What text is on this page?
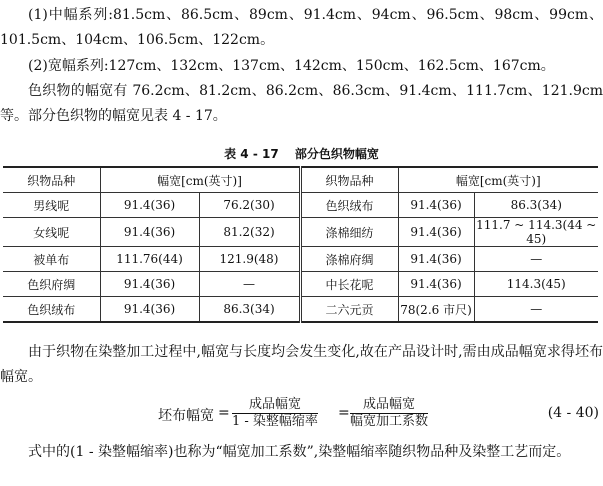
(1)中幅系列:81.5cm、86.5cm、89cm、91.4cm、94cm、96.5cm、98cm、99cm、101.5cm、104cm、106.5cm、122cm。
(2)宽幅系列:127cm、132cm、137cm、142cm、150cm、162.5cm、167cm。
色织物的幅宽有 76.2cm、81.2cm、86.2cm、86.3cm、91.4cm、111.7cm、121.9cm 等。部分色织物的幅宽见表 4 - 17。
表 4 - 17 部分色织物幅宽
织物品种	幅宽[cm(英寸)]		织物品种	幅宽[cm(英寸)]	
男线呢	91.4(36)	76.2(30)	色织绒布	91.4(36)	86.3(34)
女线呢	91.4(36)	81.2(32)	涤棉细纺	91.4(36)	111.7 ~ 114.3(44 ~ 45)
被单布	111.76(44)	121.9(48)	涤棉府绸	91.4(36)	—
色织府绸	91.4(36)	—	中长花呢	91.4(36)	114.3(45)
色织绒布	91.4(36)	86.3(34)	二六元贡	78(2.6 市尺)	—
由于织物在染整加工过程中,幅宽与长度均会发生变化,故在产品设计时,需由成品幅宽求得坯布幅宽。
坯布幅宽 =
成品幅宽
1 - 染整幅缩率
=
成品幅宽
幅宽加工系数
(4 - 40)
式中的(1 - 染整幅缩率)也称为“幅宽加工系数”,染整幅缩率随织物品种及染整工艺而定。
